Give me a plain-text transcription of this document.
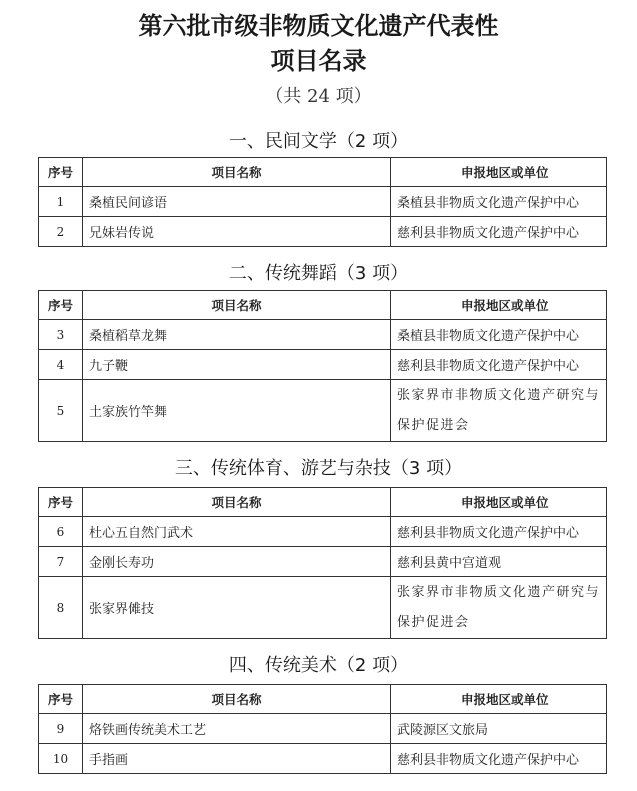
第六批市级非物质文化遗产代表性
项目名录
（共 24 项）
一、民间文学（2 项）
序号	项目名称	申报地区或单位
1	桑植民间谚语	桑植县非物质文化遗产保护中心
2	兄妹岩传说	慈利县非物质文化遗产保护中心
二、传统舞蹈（3 项）
序号	项目名称	申报地区或单位
3	桑植稻草龙舞	桑植县非物质文化遗产保护中心
4	九子鞭	慈利县非物质文化遗产保护中心
5	土家族竹竿舞	张家界市非物质文化遗产研究与保护促进会
三、传统体育、游艺与杂技（3 项）
序号	项目名称	申报地区或单位
6	杜心五自然门武术	慈利县非物质文化遗产保护中心
7	金刚长寿功	慈利县黄中宫道观
8	张家界傩技	张家界市非物质文化遗产研究与保护促进会
四、传统美术（2 项）
序号	项目名称	申报地区或单位
9	烙铁画传统美术工艺	武陵源区文旅局
10	手指画	慈利县非物质文化遗产保护中心
